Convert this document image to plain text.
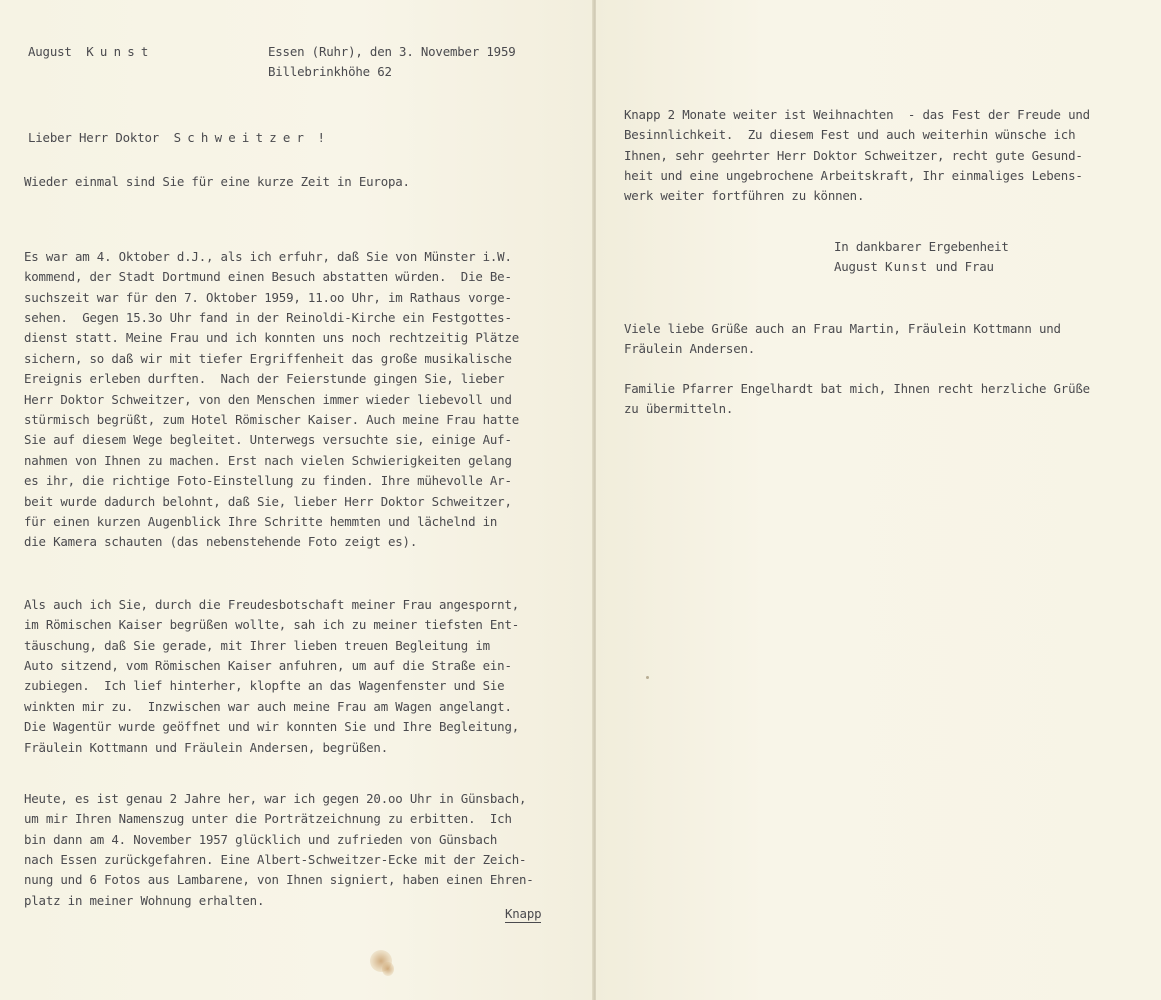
August Kunst	Essen (Ruhr), den 3. November 1959
Billebrinkhöhe 62
Lieber Herr Doktor Schweitzer !
Wieder einmal sind Sie für eine kurze Zeit in Europa.

Es war am 4. Oktober d.J., als ich erfuhr, daß Sie von Münster i.W.
kommend, der Stadt Dortmund einen Besuch abstatten würden.  Die Be-
suchszeit war für den 7. Oktober 1959, 11.oo Uhr, im Rathaus vorge-
sehen.  Gegen 15.3o Uhr fand in der Reinoldi-Kirche ein Festgottes-
dienst statt. Meine Frau und ich konnten uns noch rechtzeitig Plätze
sichern, so daß wir mit tiefer Ergriffenheit das große musikalische
Ereignis erleben durften.  Nach der Feierstunde gingen Sie, lieber
Herr Doktor Schweitzer, von den Menschen immer wieder liebevoll und
stürmisch begrüßt, zum Hotel Römischer Kaiser. Auch meine Frau hatte
Sie auf diesem Wege begleitet. Unterwegs versuchte sie, einige Auf-
nahmen von Ihnen zu machen. Erst nach vielen Schwierigkeiten gelang
es ihr, die richtige Foto-Einstellung zu finden. Ihre mühevolle Ar-
beit wurde dadurch belohnt, daß Sie, lieber Herr Doktor Schweitzer,
für einen kurzen Augenblick Ihre Schritte hemmten und lächelnd in
die Kamera schauten (das nebenstehende Foto zeigt es).

Als auch ich Sie, durch die Freudesbotschaft meiner Frau angespornt,
im Römischen Kaiser begrüßen wollte, sah ich zu meiner tiefsten Ent-
täuschung, daß Sie gerade, mit Ihrer lieben treuen Begleitung im
Auto sitzend, vom Römischen Kaiser anfuhren, um auf die Straße ein-
zubiegen.  Ich lief hinterher, klopfte an das Wagenfenster und Sie
winkten mir zu.  Inzwischen war auch meine Frau am Wagen angelangt.
Die Wagentür wurde geöffnet und wir konnten Sie und Ihre Begleitung,
Fräulein Kottmann und Fräulein Andersen, begrüßen.

Heute, es ist genau 2 Jahre her, war ich gegen 20.oo Uhr in Günsbach,
um mir Ihren Namenszug unter die Porträtzeichnung zu erbitten.  Ich
bin dann am 4. November 1957 glücklich und zufrieden von Günsbach
nach Essen zurückgefahren. Eine Albert-Schweitzer-Ecke mit der Zeich-
nung und 6 Fotos aus Lambarene, von Ihnen signiert, haben einen Ehren-
platz in meiner Wohnung erhalten.

Knapp

Knapp 2 Monate weiter ist Weihnachten  - das Fest der Freude und
Besinnlichkeit.  Zu diesem Fest und auch weiterhin wünsche ich
Ihnen, sehr geehrter Herr Doktor Schweitzer, recht gute Gesund-
heit und eine ungebrochene Arbeitskraft, Ihr einmaliges Lebens-
werk weiter fortführen zu können.

In dankbarer Ergebenheit
August Kunst und Frau

Viele liebe Grüße auch an Frau Martin, Fräulein Kottmann und
Fräulein Andersen.

Familie Pfarrer Engelhardt bat mich, Ihnen recht herzliche Grüße
zu übermitteln.
